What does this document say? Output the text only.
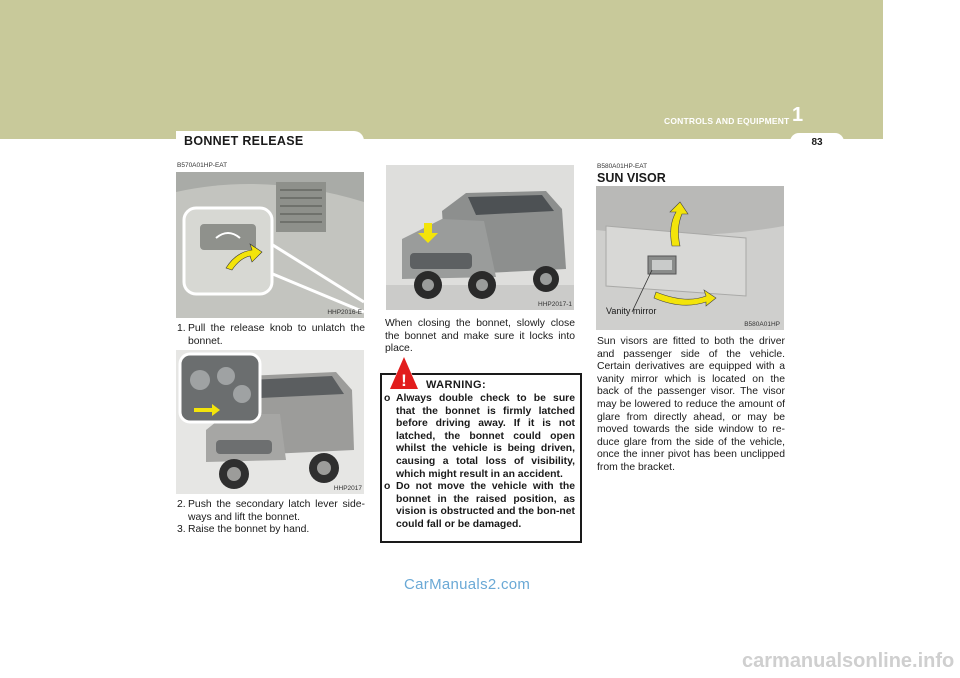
1
CONTROLS AND EQUIPMENT
83
BONNET RELEASE
B570A01HP-EAT
HHP2016-E
1. Pull the release knob to unlatch the bonnet.
HHP2017
2. Push the secondary latch lever side-ways and lift the bonnet.
3. Raise the bonnet by hand.
HHP2017-1
When closing the bonnet, slowly close the bonnet and make sure it locks into place.
! WARNING:
o Always double check to be sure that the bonnet is firmly latched before driving away. If it is not latched, the bonnet could open whilst the vehicle is being driven, causing a total loss of visibility, which might result in an accident.
o Do not move the vehicle with the bonnet in the raised position, as vision is obstructed and the bon-net could fall or be damaged.
B580A01HP-EAT
SUN VISOR
Vanity mirror
B580A01HP
Sun visors are fitted to both the driver and passenger side of the vehicle. Certain derivatives are equipped with a vanity mirror which is located on the back of the passenger visor. The visor may be lowered to reduce the amount of glare from directly ahead, or may be moved towards the side window to re-duce glare from the side of the vehicle, once the inner pivot has been unclipped from the bracket.
CarManuals2.com
carmanualsonline.info
